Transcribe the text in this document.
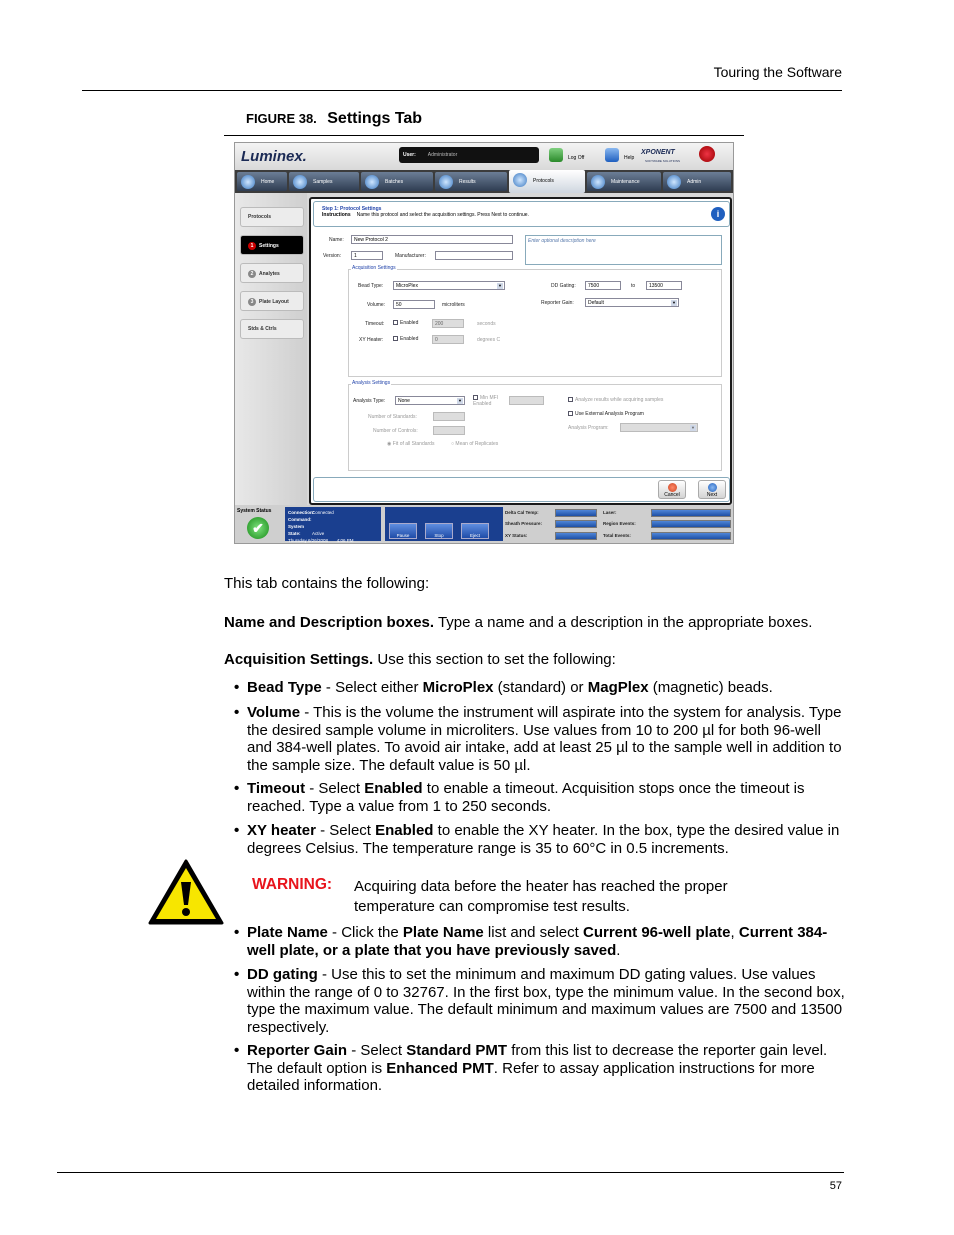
Touring the Software
FIGURE 38. Settings Tab
Luminex.	User: Administrator	Log Off	Help
XPONENT
SOFTWARE SOLUTIONS
Home	Samples	Batches	Results	Protocols	Maintenance	Admin
Protocols
1 Settings
2 Analytes
3 Plate Layout
Stds & Ctrls
Step 1: Protocol Settings
Instructions Name this protocol and select the acquisition settings. Press Next to continue.	i
Name:	New Protocol 2
Version:	1	Manufacturer:
Enter optional description here
Acquisition Settings
Bead Type:	MicroPlex	▼
Volume:	50	microliters
Timeout:	Enabled	200	seconds
XY Heater:	Enabled	0	degrees C
DD Gating:	7500	to	13500
Reporter Gain:	Default	▼
Analysis Settings
Analysis Type:	None	▼	Min MFI Enabled
Analyze results while acquiring samples
Use External Analysis Program
Analysis Program:	▼
Number of Standards:
Number of Controls:
◉ Fit of all Standards	○ Mean of Replicates
Cancel	Next
System Status
✔
Connection:Connected
Command:
System State:	Active
Thursday 6/26/2008 4:06 PM
Pause	Stop	Eject
Delta Cal Temp:
Sheath Pressure:
XY Status:
Laser:
Region Events:
Total Events:
This tab contains the following:
Name and Description boxes. Type a name and a description in the appropriate boxes.
Acquisition Settings. Use this section to set the following:
• Bead Type - Select either MicroPlex (standard) or MagPlex (magnetic) beads.
• Volume - This is the volume the instrument will aspirate into the system for analysis. Type the desired sample volume in microliters. Use values from 10 to 200 µl for both 96-well and 384-well plates. To avoid air intake, add at least 25 µl to the sample well in addition to the sample size. The default value is 50 µl.
• Timeout - Select Enabled to enable a timeout. Acquisition stops once the timeout is reached. Type a value from 1 to 250 seconds.
• XY heater - Select Enabled to enable the XY heater. In the box, type the desired value in degrees Celsius. The temperature range is 35 to 60°C in 0.5 increments.
WARNING: Acquiring data before the heater has reached the proper temperature can compromise test results.
• Plate Name - Click the Plate Name list and select Current 96-well plate, Current 384-well plate, or a plate that you have previously saved.
• DD gating - Use this to set the minimum and maximum DD gating values. Use values within the range of 0 to 32767. In the first box, type the minimum value. In the second box, type the maximum value. The default minimum and maximum values are 7500 and 13500 respectively.
• Reporter Gain - Select Standard PMT from this list to decrease the reporter gain level. The default option is Enhanced PMT. Refer to assay application instructions for more detailed information.
57
